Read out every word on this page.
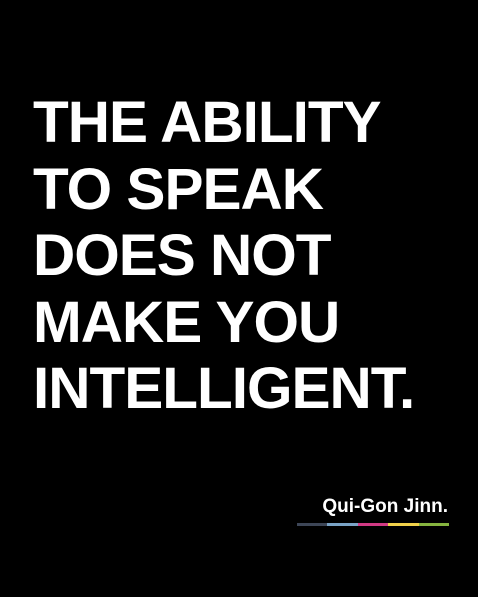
THE ABILITY
TO SPEAK
DOES NOT
MAKE YOU
INTELLIGENT.
Qui-Gon Jinn.
